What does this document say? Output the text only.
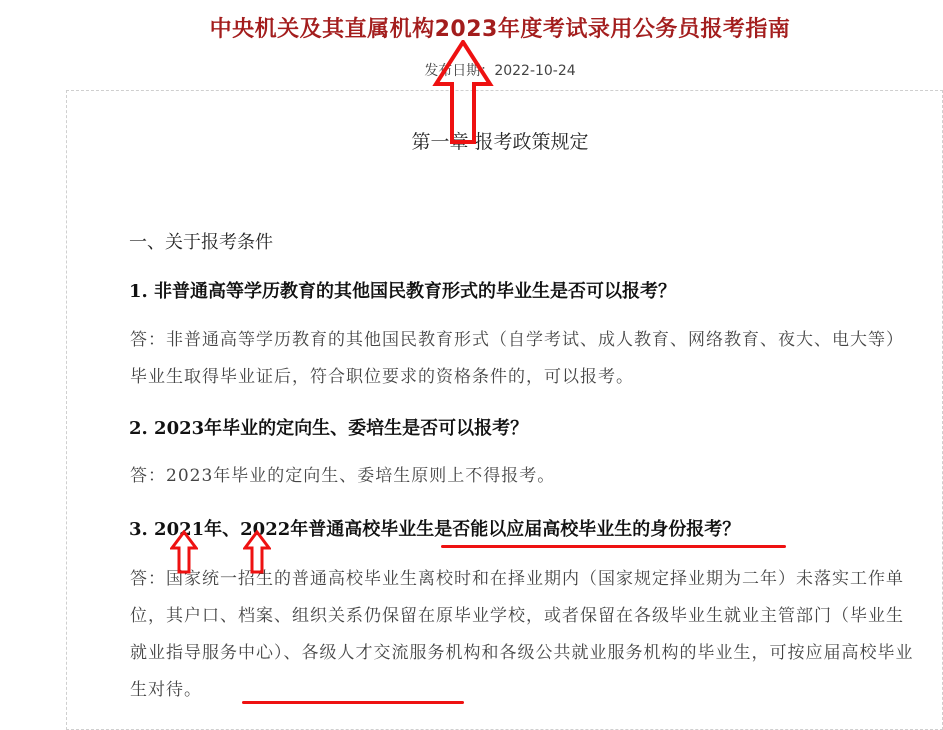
中央机关及其直属机构2023年度考试录用公务员报考指南
发布日期：2022-10-24
第一章 报考政策规定
一、关于报考条件
1. 非普通高等学历教育的其他国民教育形式的毕业生是否可以报考？
答：非普通高等学历教育的其他国民教育形式（自学考试、成人教育、网络教育、夜大、电大等）毕业生取得毕业证后，符合职位要求的资格条件的，可以报考。
2. 2023年毕业的定向生、委培生是否可以报考？
答：2023年毕业的定向生、委培生原则上不得报考。
3. 2021年、2022年普通高校毕业生是否能以应届高校毕业生的身份报考？
答：国家统一招生的普通高校毕业生离校时和在择业期内（国家规定择业期为二年）未落实工作单位，其户口、档案、组织关系仍保留在原毕业学校，或者保留在各级毕业生就业主管部门（毕业生就业指导服务中心）、各级人才交流服务机构和各级公共就业服务机构的毕业生，可按应届高校毕业生对待。
